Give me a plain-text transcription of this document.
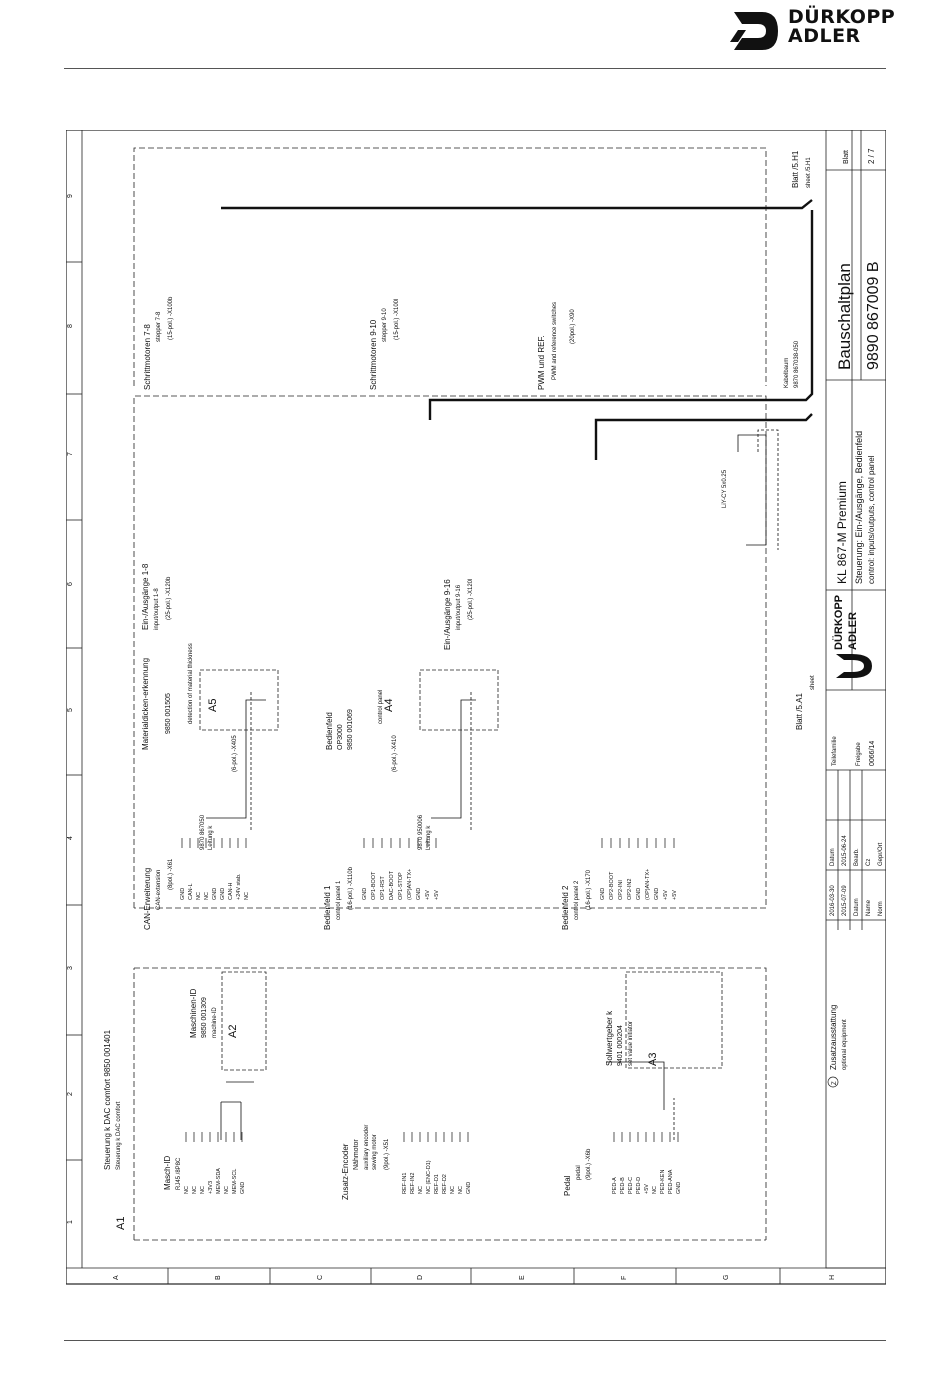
DÜRKOPP
ADLER
1
2
3
4
5
6
7
8
9
A	B	C	D	E	F	G	H
NC NC NC +3V3 MEM-SDA NC MEM-SCL GND	REF-IN1 REF-IN2 NC NC (ENC-D1) REF-D1 REF-D2 NC NC GND	PED-A PED-B PED-C PED-D +5V NC PED-KEN PED-ANA GND
GND CAN-L NC NC GND GND CAN-H +24V stab. NC	GND OP1-BOOT OP1-RST DAC-BOOT OP1-STOP (OP)AN-TX+ GND +5V +5V	GND OP2-BOOT OP2-INI OP2-IN2 GND (OP)AN-TX+ GND +5V +5V
A1
Steuerung k DAC comfort 9850 001401 Steuerung k DAC comfort
Masch-ID RJ45 /8P8C
Maschinen-ID 9850 001309 machine-ID A2
Zusatz-Encoder Nähmotor auxiliary encoder sewing motor (9pol.) -X51
Pedal
pedal (9pol.) -X6b
Sollwertgeber k 9401 000204 set value initiator A3
CAN-Erweiterung CAN-extension (8pol.) -X61
Bedienfeld 1 control panel 1 (16-pol.) -X110b	Bedienfeld 2 control panel 2 (16-pol.) -X170
Materialdicken-erkennung 9850 001505	detection of material thickness A5
(6-pol.) -X405
Bedienfeld OP3000 9850 001069
control panel A4
(6-pol.) -X410
Ein-/Ausgänge 1-8 input/output 1-8 (25-pol.) -X120b	Ein-/Ausgänge 9-16 input/output 9-16 (25-pol.) -X120l
Schrittmotoren 7-8 stepper 7-8 (15-pol.) -X100b
Schrittmotoren 9-10 stepper 9-10 (15-pol.) -X100l
PWM und REF. PWM and reference switches (20pol.) -X90
Kabelbaum 9870 867038-050
9870 867050 Leitung k	9870 950006 Leitung k
LiY-CY 5x0.25
Blatt /5.A1
sheet
Blatt /5.H1 sheet /5.H1
Zusatzausstattung optional equipment
Z
KL 867-M Premium Steuerung: Ein-/Ausgänge, Bedienfeld control: inputs/outputs, control panel
Bauschaltplan 9890 867009 B
Blatt 2 / 7
Teilefamilie	Freigabe 0066/14
Datum 2015-06-24 Bearb. Cz Gepr/Ort
2016-03-30 2015-07-09 Datum Name Norm
DÜRKOPP ADLER
